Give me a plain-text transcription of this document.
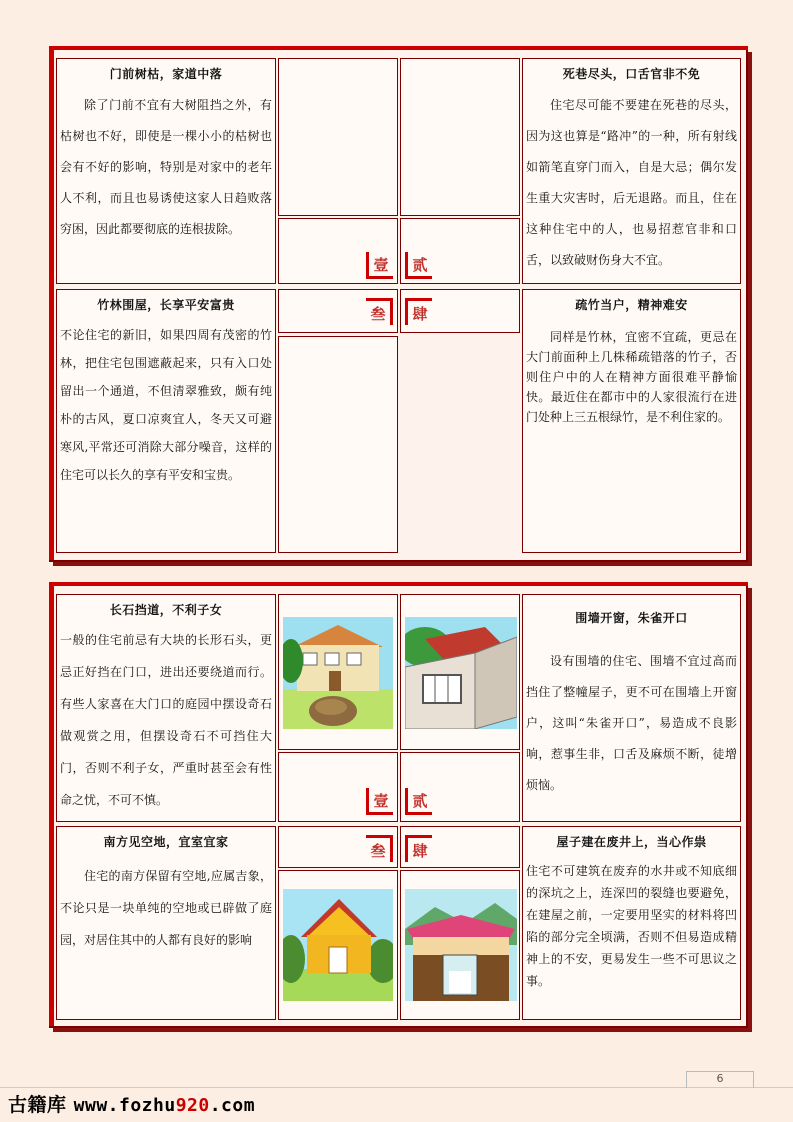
门前树枯，家道中落
除了门前不宜有大树阻挡之外，有枯树也不好，即使是一棵小小的枯树也会有不好的影响，特别是对家中的老年人不利，而且也易诱使这家人日趋败落穷困，因此都要彻底的连根拔除。
壹	贰
死巷尽头，口舌官非不免
住宅尽可能不要建在死巷的尽头，因为这也算是“路冲”的一种，所有射线如箭笔直穿门而入，自是大忌；偶尔发生重大灾害时，后无退路。而且，住在这种住宅中的人，也易招惹官非和口舌，以致破财伤身大不宜。
竹林围屋，长享平安富贵
不论住宅的新旧，如果四周有茂密的竹林，把住宅包围遮蔽起来，只有入口处留出一个通道，不但清翠雅致，颇有纯朴的古风，夏口凉爽宜人，冬天又可避寒风,平常还可消除大部分噪音，这样的住宅可以长久的享有平安和宝贵。
叁	肆	疏竹当户，精神难安
同样是竹林，宜密不宜疏，更忌在大门前面种上几株稀疏错落的竹子，否则住户中的人在精神方面很难平静愉快。最近住在都市中的人家很流行在进门处种上三五根绿竹，是不利住家的。
长石挡道，不利子女
一般的住宅前忌有大块的长形石头，更忌正好挡在门口，进出还要绕道而行。有些人家喜在大门口的庭园中摆设奇石做观赏之用，但摆设奇石不可挡住大门，否则不利子女，严重时甚至会有性命之忧，不可不慎。	壹	贰
围墙开窗，朱雀开口
设有围墙的住宅、围墙不宜过高而挡住了整幢屋子，更不可在围墙上开窗户，这叫“朱雀开口”，易造成不良影响，惹事生非，口舌及麻烦不断，徒增烦恼。
南方见空地，宜室宜家
住宅的南方保留有空地,应属吉象，不论只是一块单纯的空地或已辟做了庭园，对居住其中的人都有良好的影响
叁	肆	屋子建在废井上，当心作祟
住宅不可建筑在废弃的水井或不知底细的深坑之上，连深凹的裂缝也要避免，在建屋之前，一定要用坚实的材料将凹陷的部分完全顷满，否则不但易造成精神上的不安，更易发生一些不可思议之事。
6
古籍库 www.fozhu920.com
